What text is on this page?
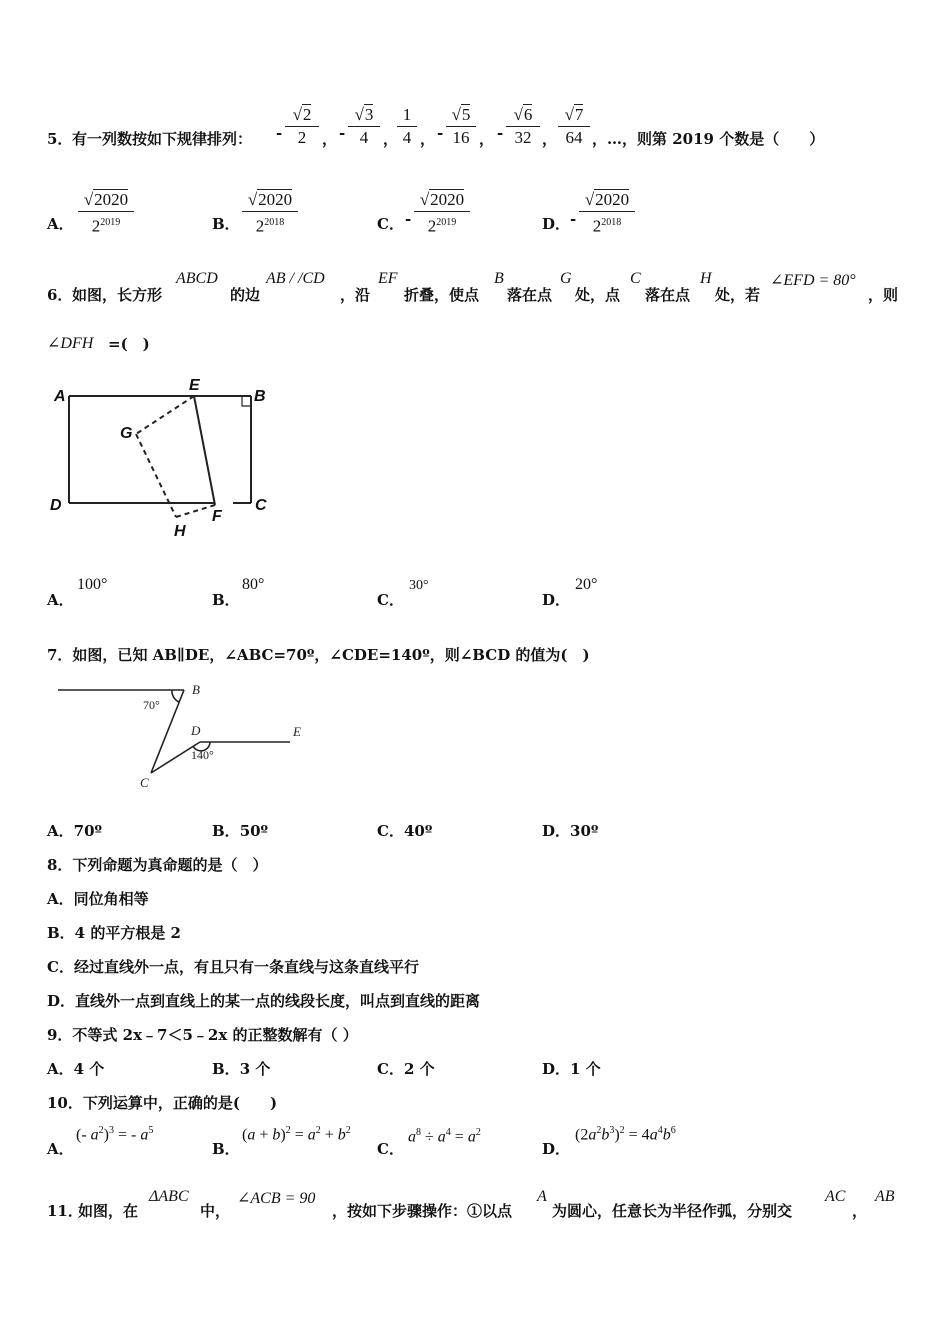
5． 有一列数按如下规律排列： - $\frac{√2}{2}$ ， - $\frac{√3}{4}$ ，
$\frac{1}{4}$ ， - $\frac{√5}{16}$ ， - $\frac{√6}{32}$ ， $\frac{√7}{64}$ ，…，则第 2019 个数是（　　）
A． $\frac{√2020}{2^{2019}}$	B． $\frac{√2020}{2^{2018}}$	C． - $\frac{√2020}{2^{2019}}$	D． - $\frac{√2020}{2^{2018}}$
6． 如图，长方形
ABCD
的边
AB / /CD
，沿
EF
折叠，使点
B
落在点
G
处，点
C
落在点
H
处，若
∠EFD = 80°
，则
∠DFH =(　)
A
E
B
G
D	C
H
F
A．
100°
B．
80°
C．
30°
D．
20°
7．如图，已知 AB∥DE，∠ABC=70º，∠CDE=140º，则∠BCD 的值为(　)
B
D	E
C
70°
140°
A．70º	B．50º	C．40º	D．30º
8．下列命题为真命题的是（　）
A．同位角相等
B．4 的平方根是 2
C．经过直线外一点，有且只有一条直线与这条直线平行
D．直线外一点到直线上的某一点的线段长度，叫点到直线的距离
9．不等式 2x﹣7＜5﹣2x 的正整数解有（ ）
A．4 个	B．3 个	C．2 个	D．1 个
10．下列运算中，正确的是(　　)
A．
(- $a^2)^3$ = - $a^5$
B．
$(a + b)^2 = a^2 + b^2$
C．
$a^8 \div a^4 = a^2$
D．
$(2a^2b^3)^2 = 4a^4b^6$
11．
如图，在
ΔABC
中，
∠ACB = 90
，按如下步骤操作：①以点
A
为圆心，任意长为半径作弧，分别交
AC
，
AB
